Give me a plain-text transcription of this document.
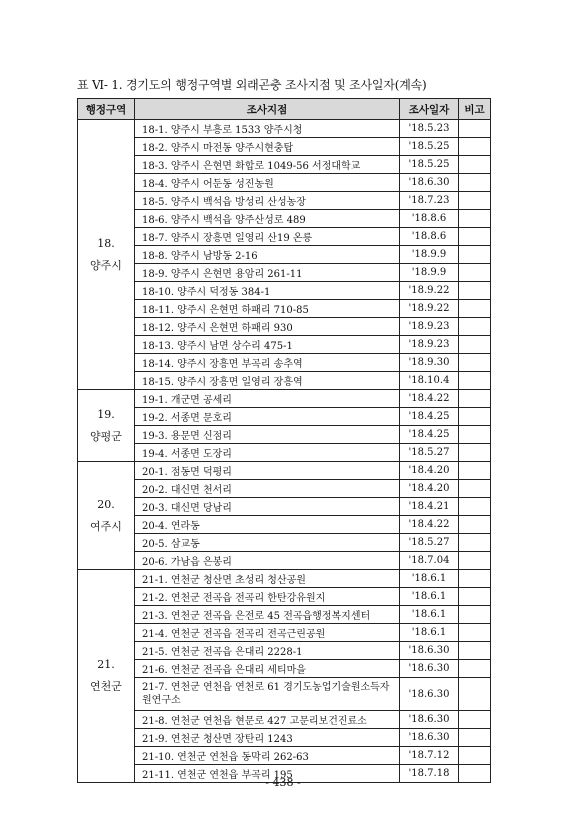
표 Ⅵ- 1. 경기도의 행정구역별 외래곤충 조사지점 및 조사일자(계속)
행정구역	조사지점	조사일자	비고

18.
양주시	18-1. 양주시 부흥로 1533 양주시청	'18.5.23	
	18-2. 양주시 마전동 양주시현충탑	'18.5.25	
	18-3. 양주시 은현면 화합로 1049-56 서정대학교	'18.5.25	
	18-4. 양주시 어둔동 성진농원	'18.6.30	
	18-5. 양주시 백석읍 방성리 산성농장	'18.7.23	
	18-6. 양주시 백석읍 양주산성로 489	'18.8.6	
	18-7. 양주시 장흥면 일영리 산19 온릉	'18.8.6	
	18-8. 양주시 남방동 2-16	'18.9.9	
	18-9. 양주시 은현면 용암리 261-11	'18.9.9	
	18-10. 양주시 덕정동 384-1	'18.9.22	
	18-11. 양주시 은현면 하패리 710-85	'18.9.22	
	18-12. 양주시 은현면 하패리 930	'18.9.23	
	18-13. 양주시 남면 상수리 475-1	'18.9.23	
	18-14. 양주시 장흥면 부곡리 송추역	'18.9.30	
	18-15. 양주시 장흥면 일영리 장흥역	'18.10.4	

19.
양평군	19-1. 개군면 공세리	'18.4.22	
	19-2. 서종면 문호리	'18.4.25	
	19-3. 용문면 신점리	'18.4.25	
	19-4. 서종면 도장리	'18.5.27	

20.
여주시	20-1. 점동면 덕평리	'18.4.20	
	20-2. 대신면 천서리	'18.4.20	
	20-3. 대신면 당남리	'18.4.21	
	20-4. 연라동	'18.4.22	
	20-5. 삼교동	'18.5.27	
	20-6. 가남읍 은봉리	'18.7.04	

21.
연천군	21-1. 연천군 청산면 초성리 청산공원	'18.6.1	
	21-2. 연천군 전곡읍 전곡리 한탄강유원지	'18.6.1	
	21-3. 연천군 전곡읍 은전로 45 전곡읍행정복지센터	'18.6.1	
	21-4. 연천군 전곡읍 전곡리 전곡근린공원	'18.6.1	
	21-5. 연천군 전곡읍 은대리 2228-1	'18.6.30	
	21-6. 연천군 전곡읍 은대리 세티마을	'18.6.30	
	21-7. 연천군 연천읍 연천로 61 경기도농업기술원소득자원연구소	'18.6.30	
	21-8. 연천군 연천읍 현문로 427 고문리보건진료소	'18.6.30	
	21-9. 연천군 청산면 장탄리 1243	'18.6.30	
	21-10. 연천군 연천읍 동막리 262-63	'18.7.12	
	21-11. 연천군 연천읍 부곡리 195	'18.7.18	
- 438 -
